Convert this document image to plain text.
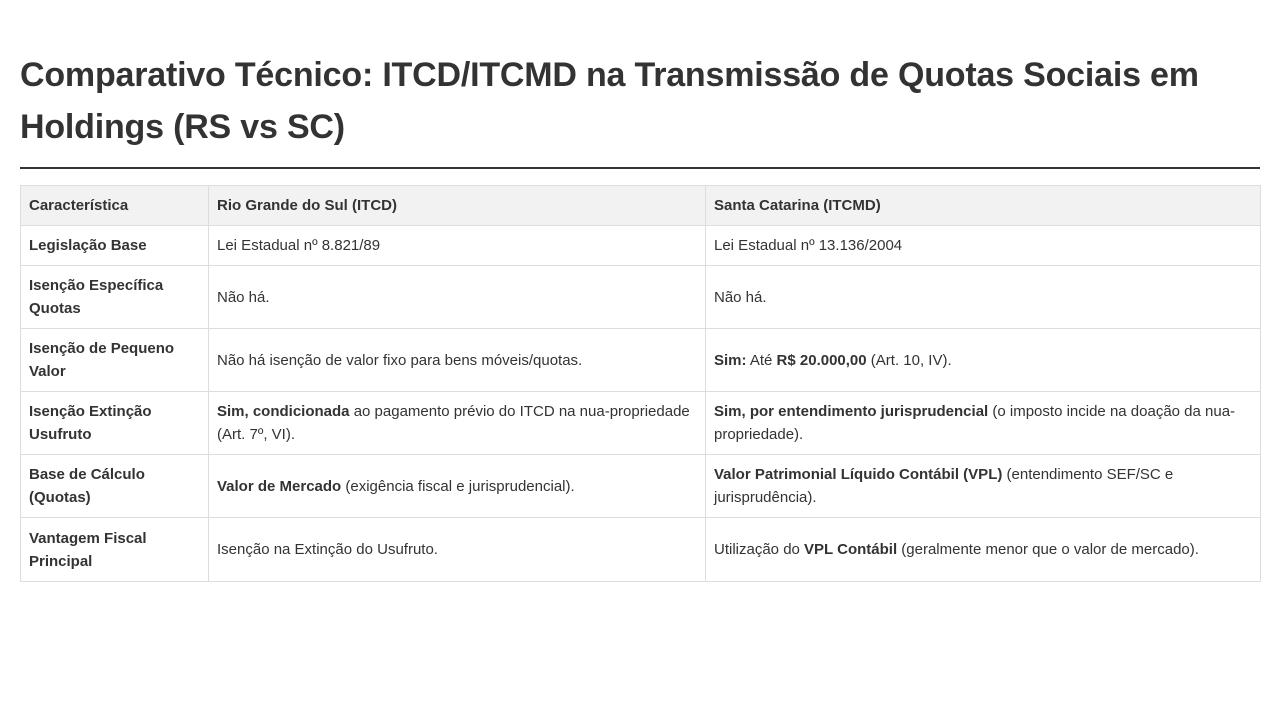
Comparativo Técnico: ITCD/ITCMD na Transmissão de Quotas Sociais em Holdings (RS vs SC)
Característica	Rio Grande do Sul (ITCD)	Santa Catarina (ITCMD)
Legislação Base	Lei Estadual nº 8.821/89	Lei Estadual nº 13.136/2004
Isenção Específica Quotas	Não há.	Não há.
Isenção de Pequeno Valor	Não há isenção de valor fixo para bens móveis/quotas.	Sim: Até R$ 20.000,00 (Art. 10, IV).
Isenção Extinção Usufruto	Sim, condicionada ao pagamento prévio do ITCD na nua-propriedade (Art. 7º, VI).	Sim, por entendimento jurisprudencial (o imposto incide na doação da nua-propriedade).
Base de Cálculo (Quotas)	Valor de Mercado (exigência fiscal e jurisprudencial).	Valor Patrimonial Líquido Contábil (VPL) (entendimento SEF/SC e jurisprudência).
Vantagem Fiscal Principal	Isenção na Extinção do Usufruto.	Utilização do VPL Contábil (geralmente menor que o valor de mercado).
